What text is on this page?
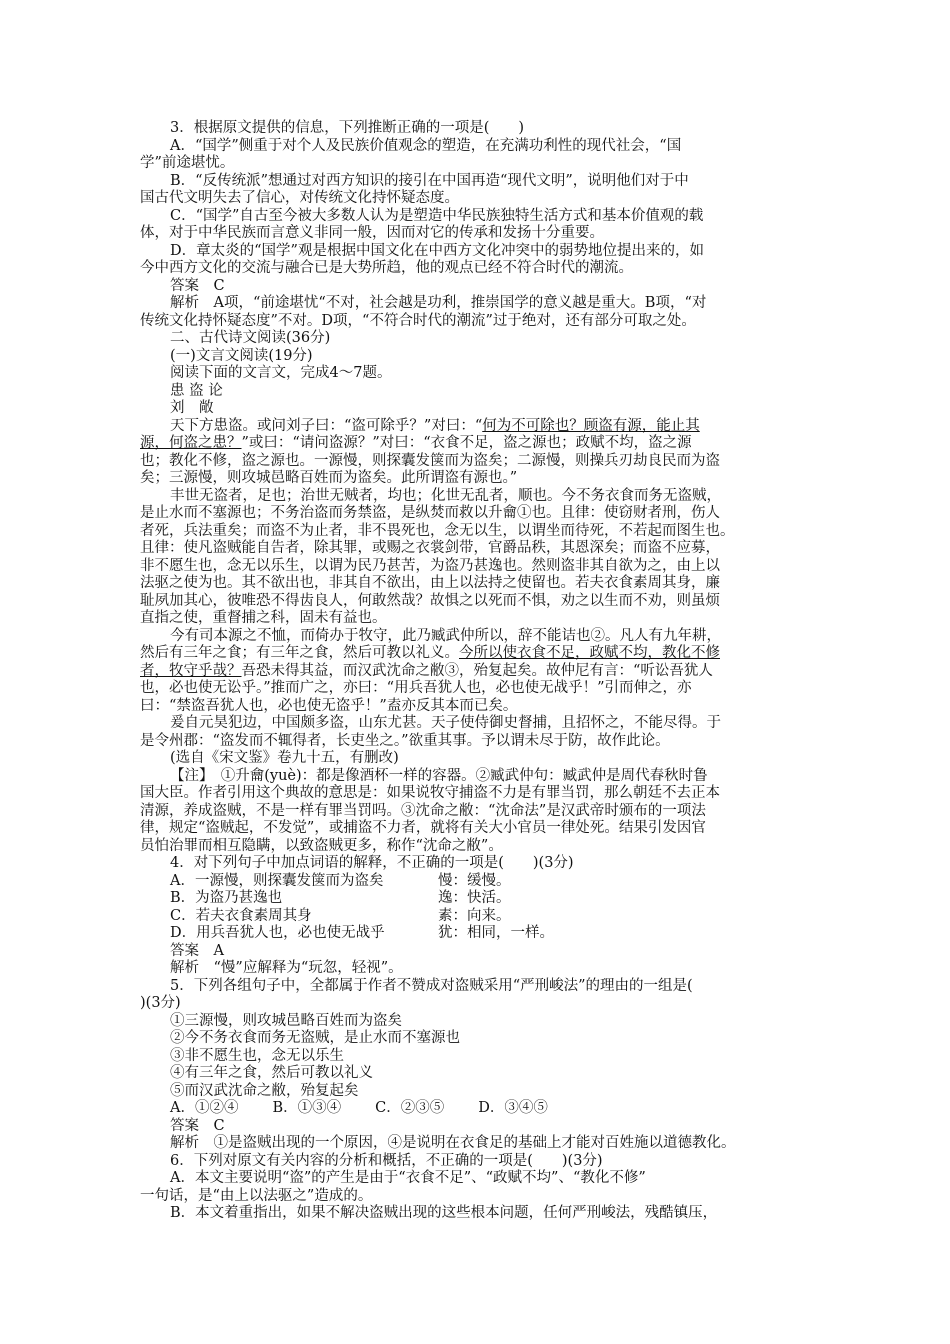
3．根据原文提供的信息，下列推断正确的一项是(　　)
A．“国学”侧重于对个人及民族价值观念的塑造，在充满功利性的现代社会，“国
学”前途堪忧。
B．“反传统派”想通过对西方知识的接引在中国再造“现代文明”，说明他们对于中
国古代文明失去了信心，对传统文化持怀疑态度。
C．“国学”自古至今被大多数人认为是塑造中华民族独特生活方式和基本价值观的载
体，对于中华民族而言意义非同一般，因而对它的传承和发扬十分重要。
D．章太炎的“国学”观是根据中国文化在中西方文化冲突中的弱势地位提出来的，如
今中西方文化的交流与融合已是大势所趋，他的观点已经不符合时代的潮流。
答案　C
解析　A项，“前途堪忧“不对，社会越是功利，推崇国学的意义越是重大。B项，“对
传统文化持怀疑态度”不对。D项，“不符合时代的潮流”过于绝对，还有部分可取之处。
二、古代诗文阅读(36分)
(一)文言文阅读(19分)
阅读下面的文言文，完成4～7题。
患 盗 论
刘　敞
天下方患盗。或问刘子曰：“盗可除乎？”对曰：“何为不可除也？顾盗有源，能止其
源，何盗之患？”或曰：“请问盗源？”对曰：“衣食不足，盗之源也；政赋不均，盗之源
也；教化不修，盗之源也。一源慢，则探囊发箧而为盗矣；二源慢，则操兵刃劫良民而为盗
矣；三源慢，则攻城邑略百姓而为盗矣。此所谓盗有源也。”
丰世无盗者，足也；治世无贼者，均也；化世无乱者，顺也。今不务衣食而务无盗贼，
是止水而不塞源也；不务治盗而务禁盗，是纵焚而救以升龠①也。且律：使窃财者刑，伤人
者死，兵法重矣；而盗不为止者，非不畏死也，念无以生，以谓坐而待死，不若起而图生也。
且律：使凡盗贼能自告者，除其罪，或赐之衣裳剑带，官爵品秩，其恩深矣；而盗不应募，
非不愿生也，念无以乐生，以谓为民乃甚苦，为盗乃甚逸也。然则盗非其自欲为之，由上以
法驱之使为也。其不欲出也，非其自不欲出，由上以法持之使留也。若夫衣食素周其身，廉
耻夙加其心，彼唯恐不得齿良人，何敢然哉？故惧之以死而不惧，劝之以生而不劝，则虽烦
直指之使，重督捕之科，固未有益也。
今有司本源之不恤，而倚办于牧守，此乃臧武仲所以，辞不能诘也②。凡人有九年耕，
然后有三年之食；有三年之食，然后可教以礼义。今所以使衣食不足，政赋不均，教化不修
者，牧守乎哉？吾恐未得其益，而汉武沈命之敝③，殆复起矣。故仲尼有言：“听讼吾犹人
也，必也使无讼乎。”推而广之，亦曰：“用兵吾犹人也，必也使无战乎！”引而伸之，亦
曰：“禁盗吾犹人也，必也使无盗乎！”盍亦反其本而已矣。
爰自元昊犯边，中国颇多盗，山东尤甚。天子使侍御史督捕，且招怀之，不能尽得。于
是令州郡：“盗发而不辄得者，长吏坐之。”欲重其事。予以谓未尽于防，故作此论。
(选自《宋文鉴》卷九十五，有删改)
【注】　①升龠(yuè)：都是像酒杯一样的容器。②臧武仲句：臧武仲是周代春秋时鲁
国大臣。作者引用这个典故的意思是：如果说牧守捕盗不力是有罪当罚，那么朝廷不去正本
清源，养成盗贼，不是一样有罪当罚吗。③沈命之敝：“沈命法”是汉武帝时颁布的一项法
律，规定“盗贼起，不发觉”，或捕盗不力者，就将有关大小官员一律处死。结果引发因官
员怕治罪而相互隐瞒，以致盗贼更多，称作“沈命之敝”。
4．对下列句子中加点词语的解释，不正确的一项是(　　)(3分)
A．一源慢，则探囊发箧而为盗矣	慢：缓慢。
B．为盗乃甚逸也	逸：快活。
C．若夫衣食素周其身	素：向来。
D．用兵吾犹人也，必也使无战乎	犹：相同，一样。
答案　A
解析　“慢”应解释为“玩忽，轻视”。
5．下列各组句子中，全都属于作者不赞成对盗贼采用“严刑峻法”的理由的一组是(
)(3分)
①三源慢，则攻城邑略百姓而为盗矣
②今不务衣食而务无盗贼，是止水而不塞源也
③非不愿生也，念无以乐生
④有三年之食，然后可教以礼义
⑤而汉武沈命之敝，殆复起矣
A．①②④ B．①③④ C．②③⑤ D．③④⑤
答案　C
解析　①是盗贼出现的一个原因，④是说明在衣食足的基础上才能对百姓施以道德教化。
6．下列对原文有关内容的分析和概括，不正确的一项是(　　)(3分)
A．本文主要说明“盗”的产生是由于“衣食不足”、“政赋不均”、“教化不修”
一句话，是“由上以法驱之”造成的。
B．本文着重指出，如果不解决盗贼出现的这些根本问题，任何严刑峻法，残酷镇压，
